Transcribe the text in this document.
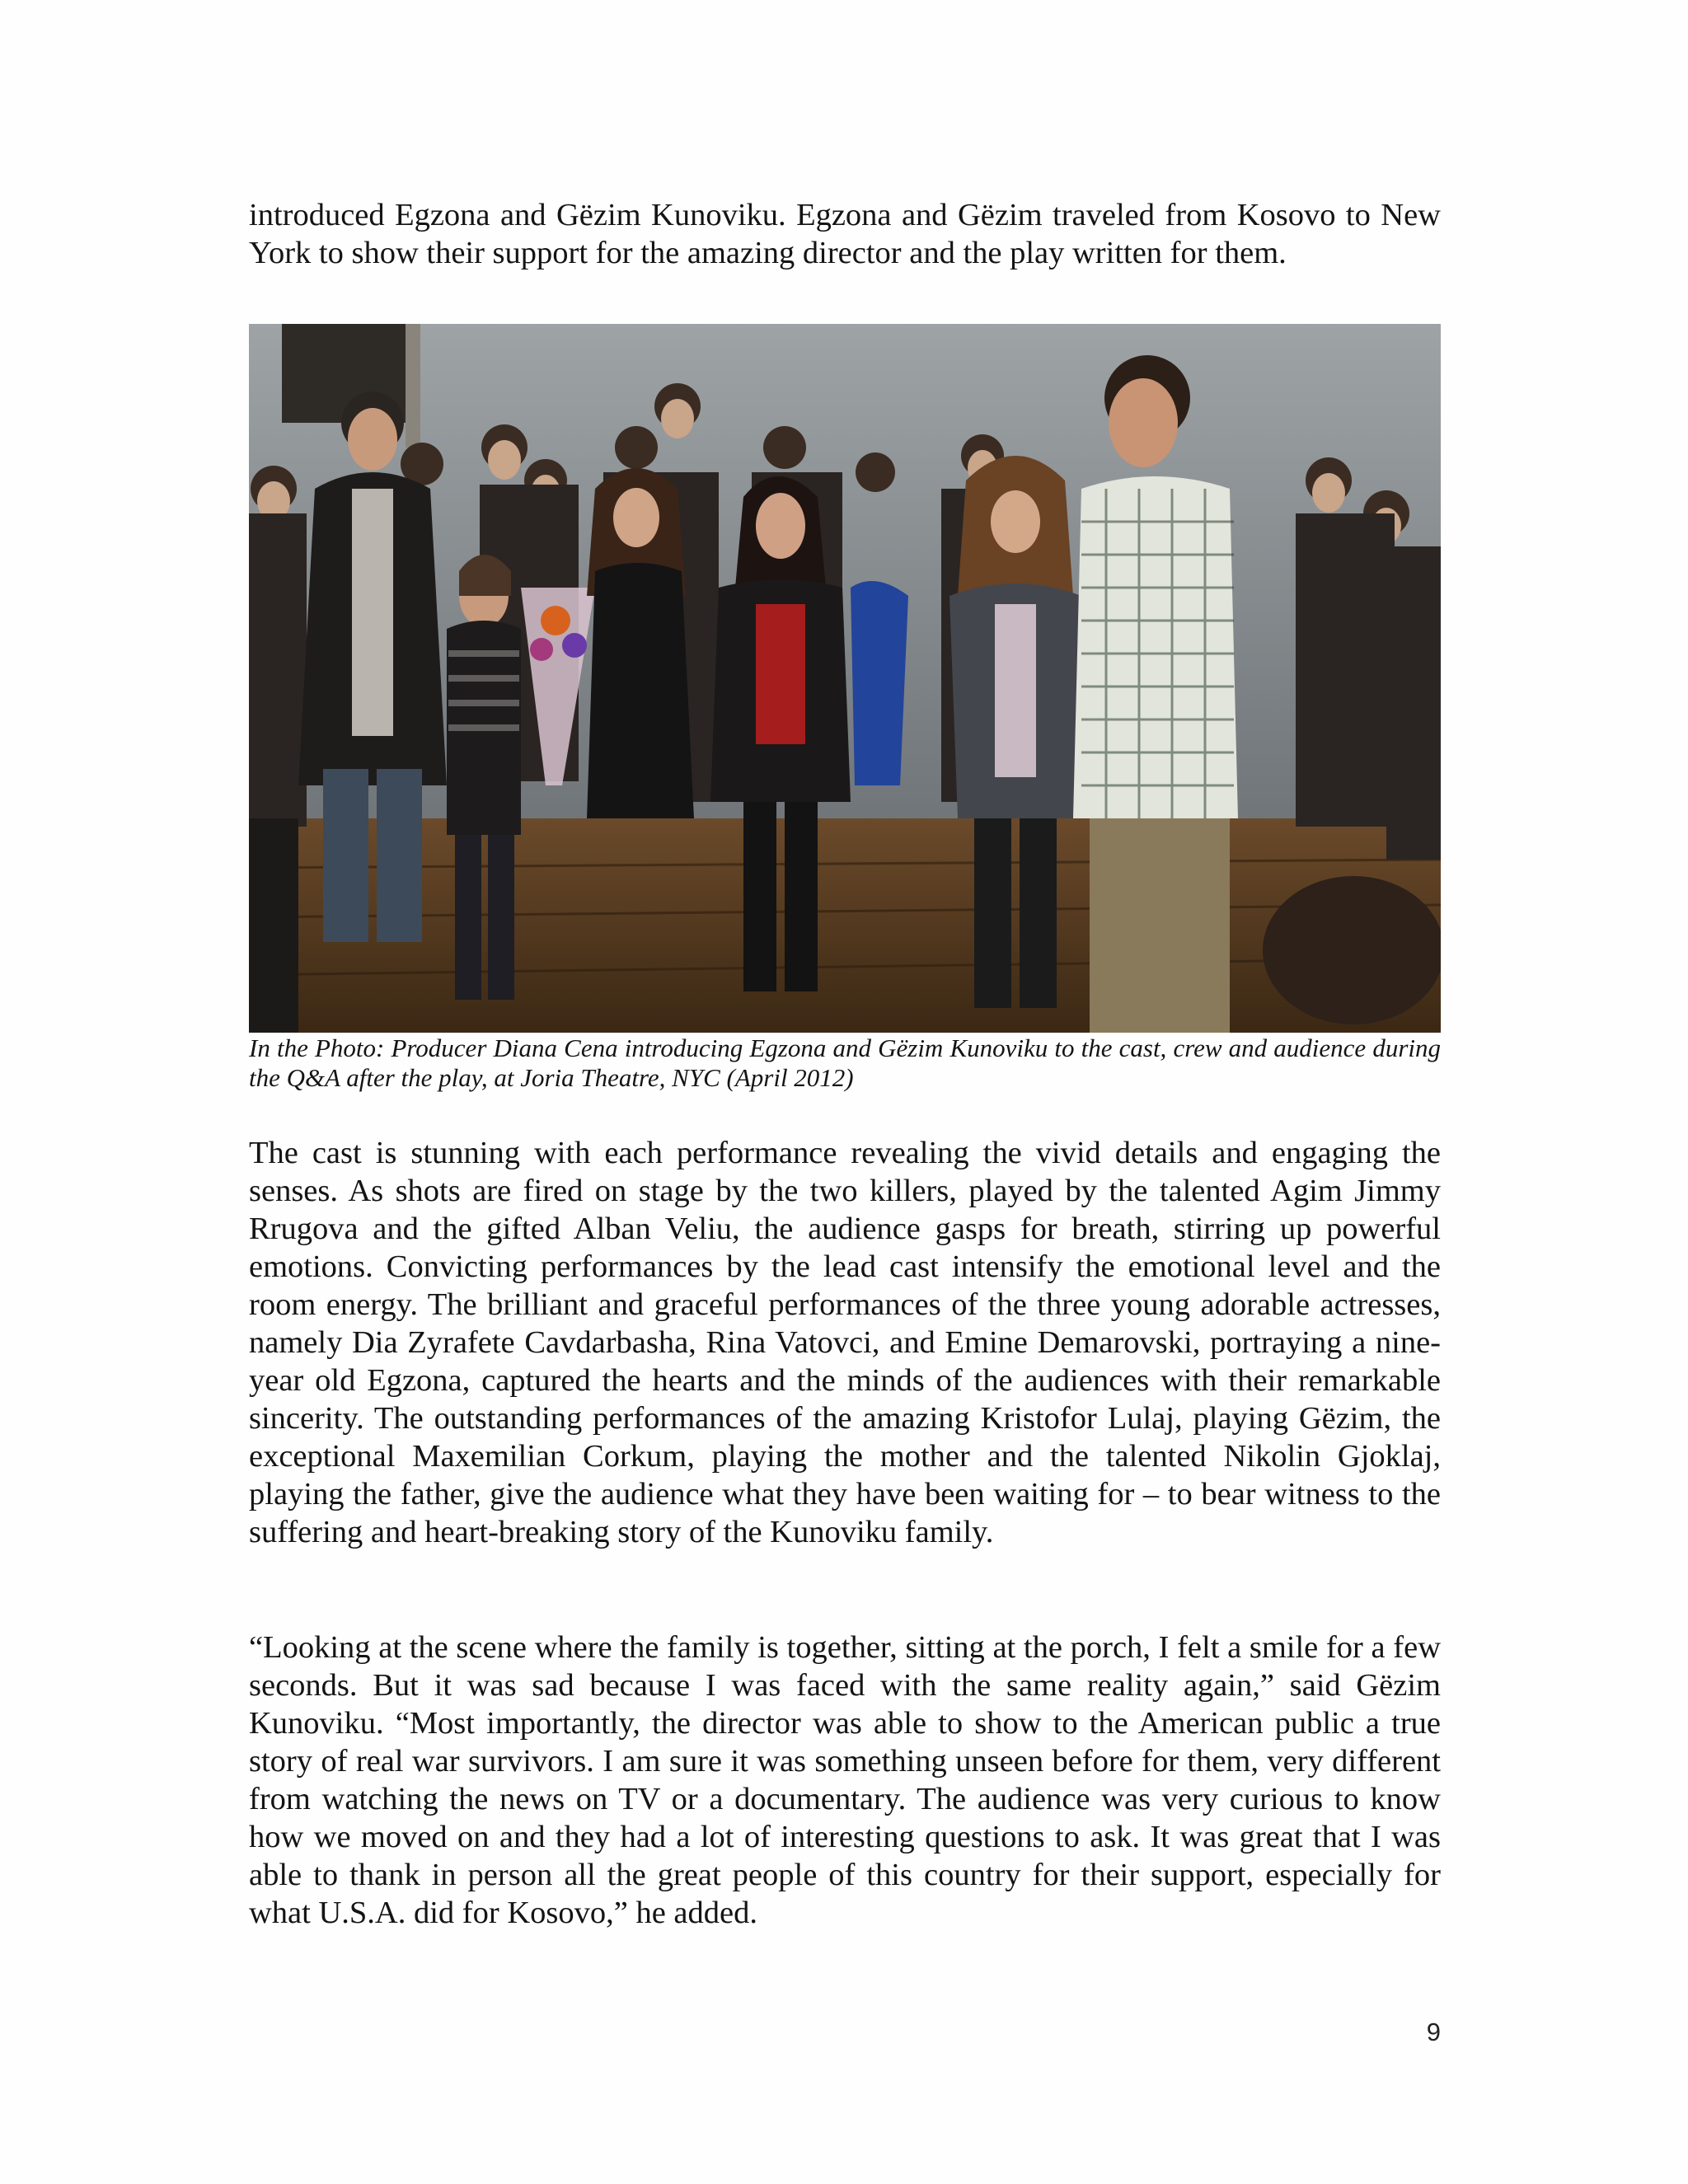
introduced Egzona and Gëzim Kunoviku. Egzona and Gëzim traveled from Kosovo to New York to show their support for the amazing director and the play written for them.

In the Photo: Producer Diana Cena introducing Egzona and Gëzim Kunoviku to the cast, crew and audience during the Q&A after the play, at Joria Theatre, NYC (April 2012)

The cast is stunning with each performance revealing the vivid details and engaging the senses. As shots are fired on stage by the two killers, played by the talented Agim Jimmy Rrugova and the gifted Alban Veliu, the audience gasps for breath, stirring up powerful emotions. Convicting performances by the lead cast intensify the emotional level and the room energy. The brilliant and graceful performances of the three young adorable actresses, namely Dia Zyrafete Cavdarbasha, Rina Vatovci, and Emine Demarovski, portraying a nine-year old Egzona, captured the hearts and the minds of the audiences with their remarkable sincerity. The outstanding performances of the amazing Kristofor Lulaj, playing Gëzim, the exceptional Maxemilian Corkum, playing the mother and the talented Nikolin Gjoklaj, playing the father, give the audience what they have been waiting for – to bear witness to the suffering and heart-breaking story of the Kunoviku family.

“Looking at the scene where the family is together, sitting at the porch, I felt a smile for a few seconds. But it was sad because I was faced with the same reality again,” said Gëzim Kunoviku. “Most importantly, the director was able to show to the American public a true story of real war survivors. I am sure it was something unseen before for them, very different from watching the news on TV or a documentary. The audience was very curious to know how we moved on and they had a lot of interesting questions to ask. It was great that I was able to thank in person all the great people of this country for their support, especially for what U.S.A. did for Kosovo,” he added.

9
